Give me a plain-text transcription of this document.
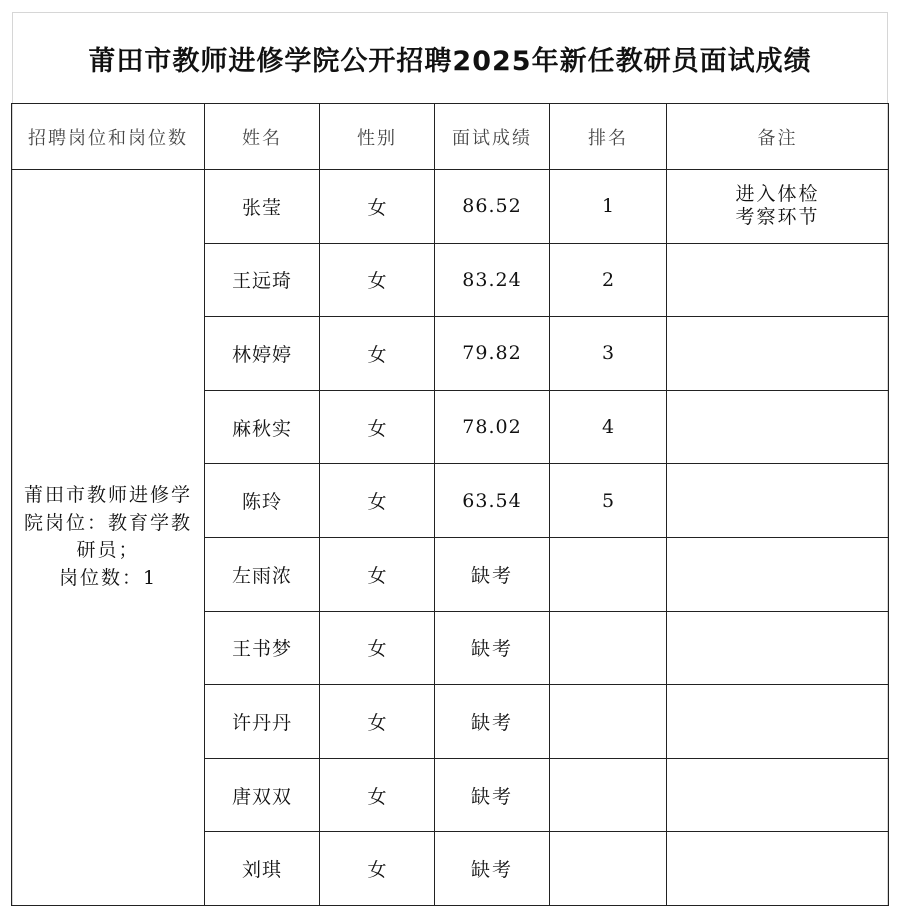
莆田市教师进修学院公开招聘2025年新任教研员面试成绩
招聘岗位和岗位数	姓名	性别	面试成绩	排名	备注

莆田市教师进修学
院岗位：教育学教
研员；
岗位数：1	张莹	女	86.52	1	进入体检
考察环节

	王远琦	女	83.24	2	
	林婷婷	女	79.82	3	
	麻秋实	女	78.02	4	
	陈玲	女	63.54	5	
	左雨浓	女	缺考		
	王书梦	女	缺考		
	许丹丹	女	缺考		
	唐双双	女	缺考		
	刘琪	女	缺考		
